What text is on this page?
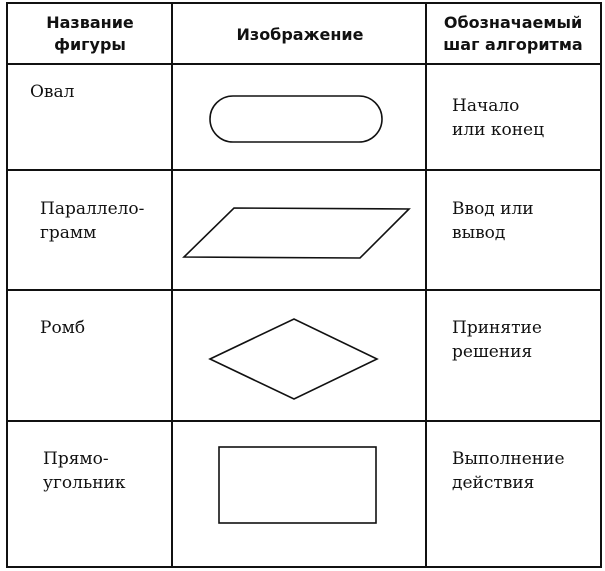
Название
фигуры
Изображение
Обозначаемый
шаг алгоритма
Овал
Начало
или конец
Параллело-
грамм
Ввод или
вывод
Ромб	Принятие
решения
Прямо-
угольник
Выполнение
действия
